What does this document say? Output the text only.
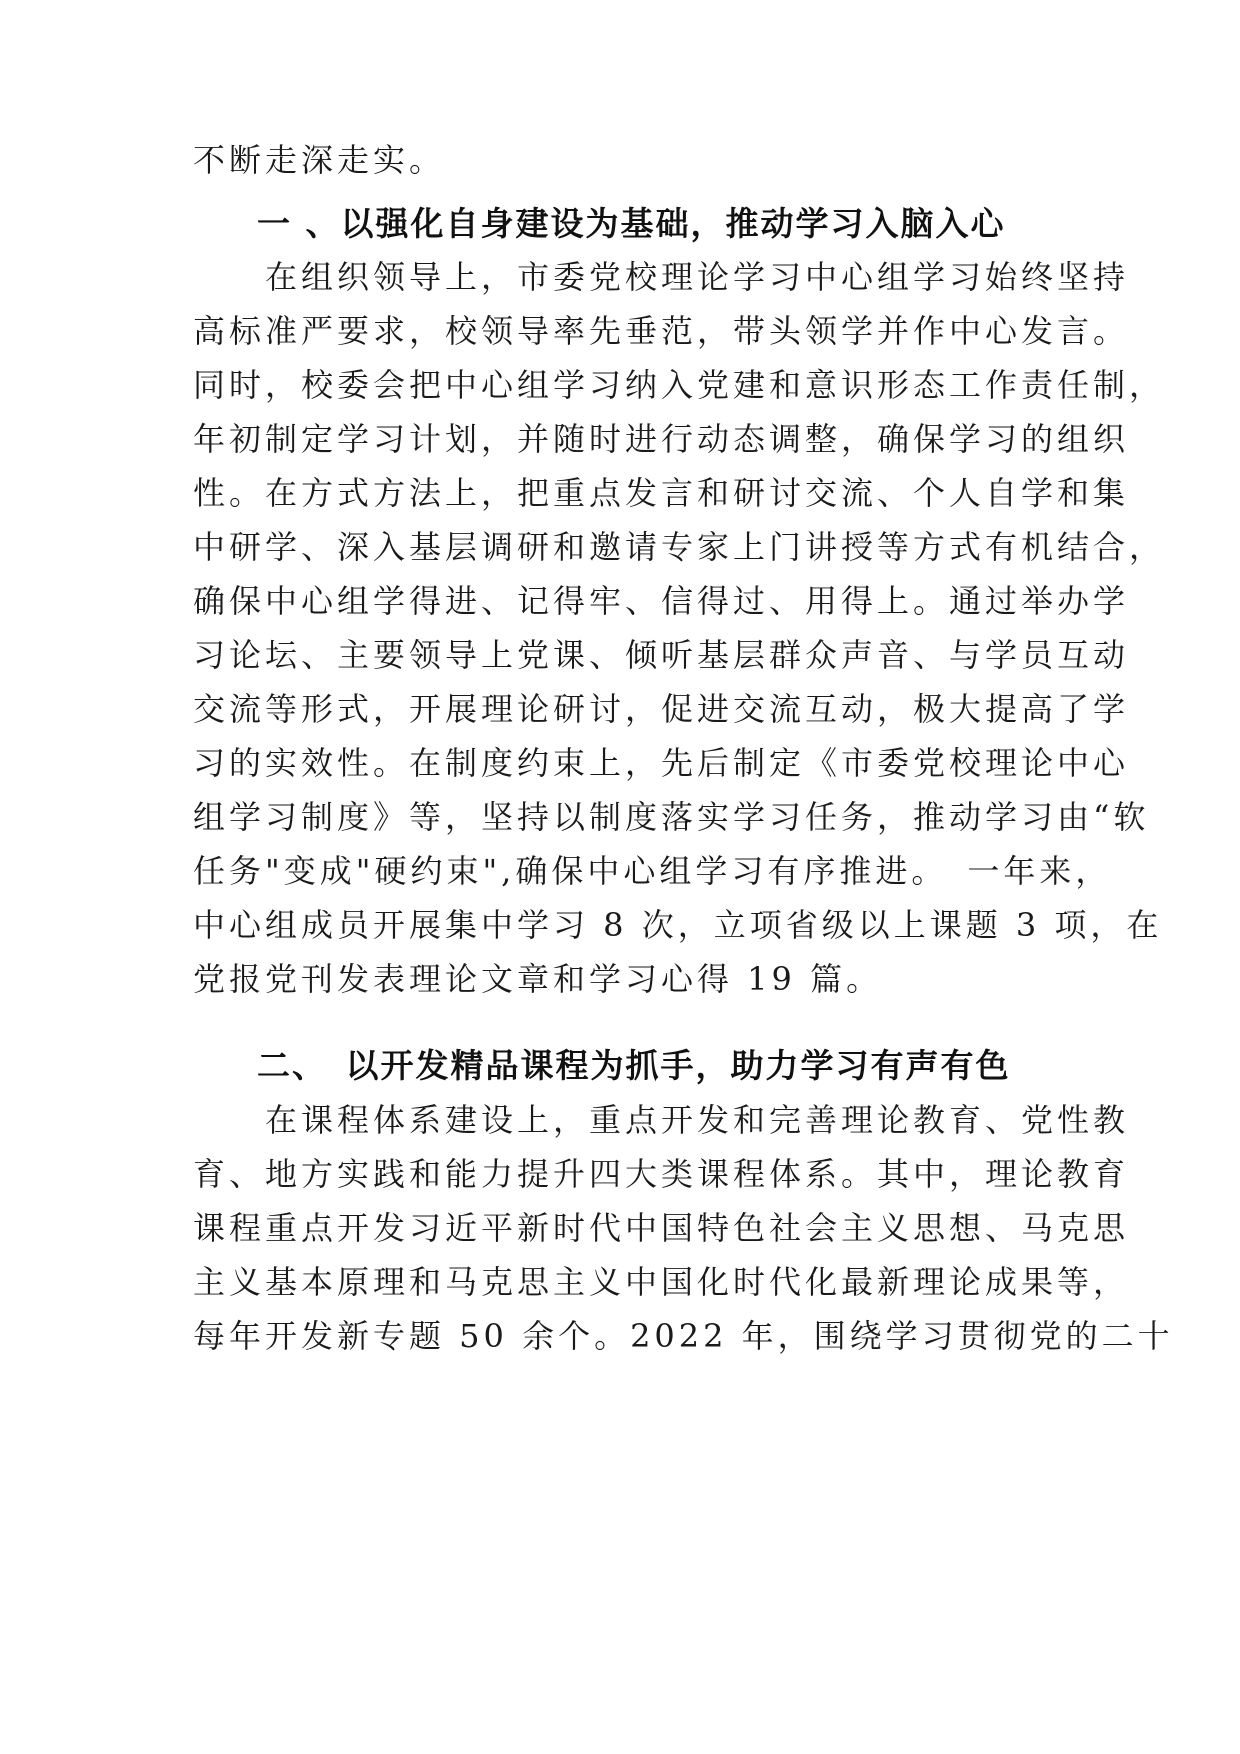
不断走深走实。
一 、以强化自身建设为基础，推动学习入脑入心
　　在组织领导上，市委党校理论学习中心组学习始终坚持
高标准严要求，校领导率先垂范，带头领学并作中心发言。
同时，校委会把中心组学习纳入党建和意识形态工作责任制，
年初制定学习计划，并随时进行动态调整，确保学习的组织
性。在方式方法上，把重点发言和研讨交流、个人自学和集
中研学、深入基层调研和邀请专家上门讲授等方式有机结合，
确保中心组学得进、记得牢、信得过、用得上。通过举办学
习论坛、主要领导上党课、倾听基层群众声音、与学员互动
交流等形式，开展理论研讨，促进交流互动，极大提高了学
习的实效性。在制度约束上，先后制定《市委党校理论中心
组学习制度》等，坚持以制度落实学习任务，推动学习由“软
任务"变成"硬约束",确保中心组学习有序推进。　一年来，
中心组成员开展集中学习 8 次，立项省级以上课题 3 项，在
党报党刊发表理论文章和学习心得 19 篇。
二、　以开发精品课程为抓手，助力学习有声有色
　　在课程体系建设上，重点开发和完善理论教育、党性教
育、地方实践和能力提升四大类课程体系。其中，理论教育
课程重点开发习近平新时代中国特色社会主义思想、马克思
主义基本原理和马克思主义中国化时代化最新理论成果等，
每年开发新专题 50 余个。2022 年，围绕学习贯彻党的二十
